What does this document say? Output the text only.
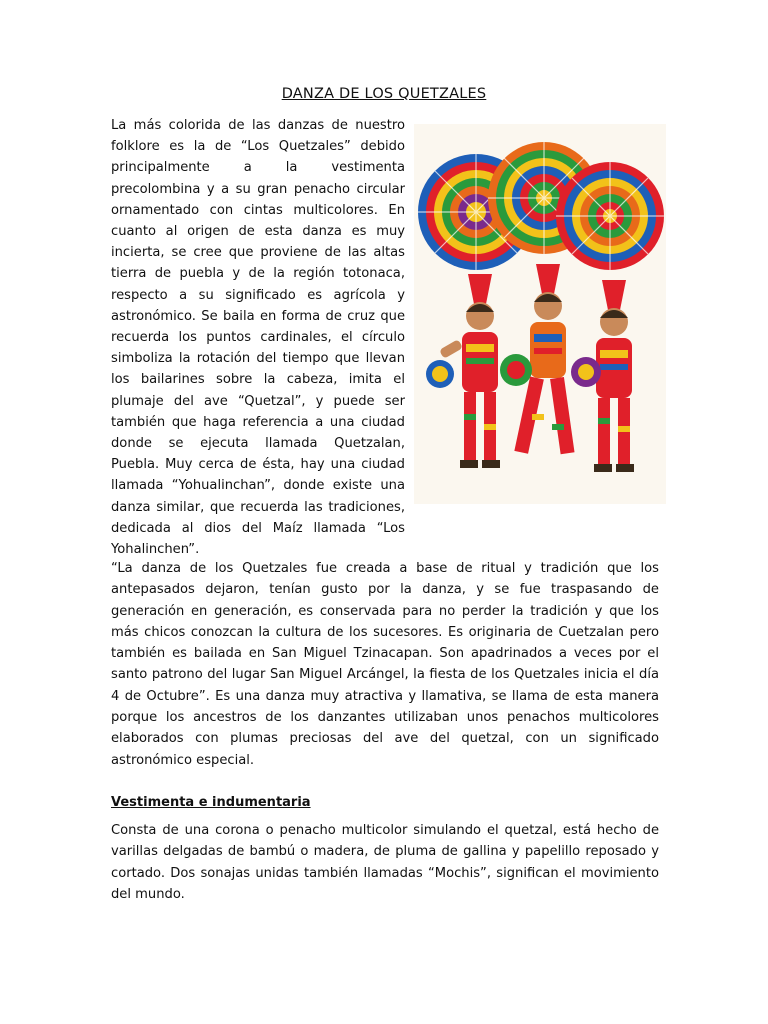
DANZA DE LOS QUETZALES
La más colorida de las danzas de nuestro folklore es la de “Los Quetzales” debido principalmente a la vestimenta precolombina y a su gran penacho circular ornamentado con cintas multicolores. En cuanto al origen de esta danza es muy incierta, se cree que proviene de las altas tierra de puebla y de la región totonaca, respecto a su significado es agrícola y astronómico. Se baila en forma de cruz que recuerda los puntos cardinales, el círculo simboliza la rotación del tiempo que llevan los bailarines sobre la cabeza, imita el plumaje del ave “Quetzal”, y puede ser también que haga referencia a una ciudad donde se ejecuta llamada Quetzalan, Puebla. Muy cerca de ésta, hay una ciudad llamada “Yohualinchan”, donde existe una danza similar, que recuerda las tradiciones, dedicada al dios del Maíz llamada “Los Yohalinchen”.
“La danza de los Quetzales fue creada a base de ritual y tradición que los antepasados dejaron, tenían gusto por la danza, y se fue traspasando de generación en generación, es conservada para no perder la tradición y que los más chicos conozcan la cultura de los sucesores. Es originaria de Cuetzalan pero también es bailada en San Miguel Tzinacapan. Son apadrinados a veces por el santo patrono del lugar San Miguel Arcángel, la fiesta de los Quetzales inicia el día 4 de Octubre”. Es una danza muy atractiva y llamativa, se llama de esta manera porque los ancestros de los danzantes utilizaban unos penachos multicolores elaborados con plumas preciosas del ave del quetzal, con un significado astronómico especial.
Vestimenta e indumentaria
Consta de una corona o penacho multicolor simulando el quetzal, está hecho de varillas delgadas de bambú o madera, de pluma de gallina y papelillo reposado y cortado. Dos sonajas unidas también llamadas “Mochis”, significan el movimiento del mundo.
